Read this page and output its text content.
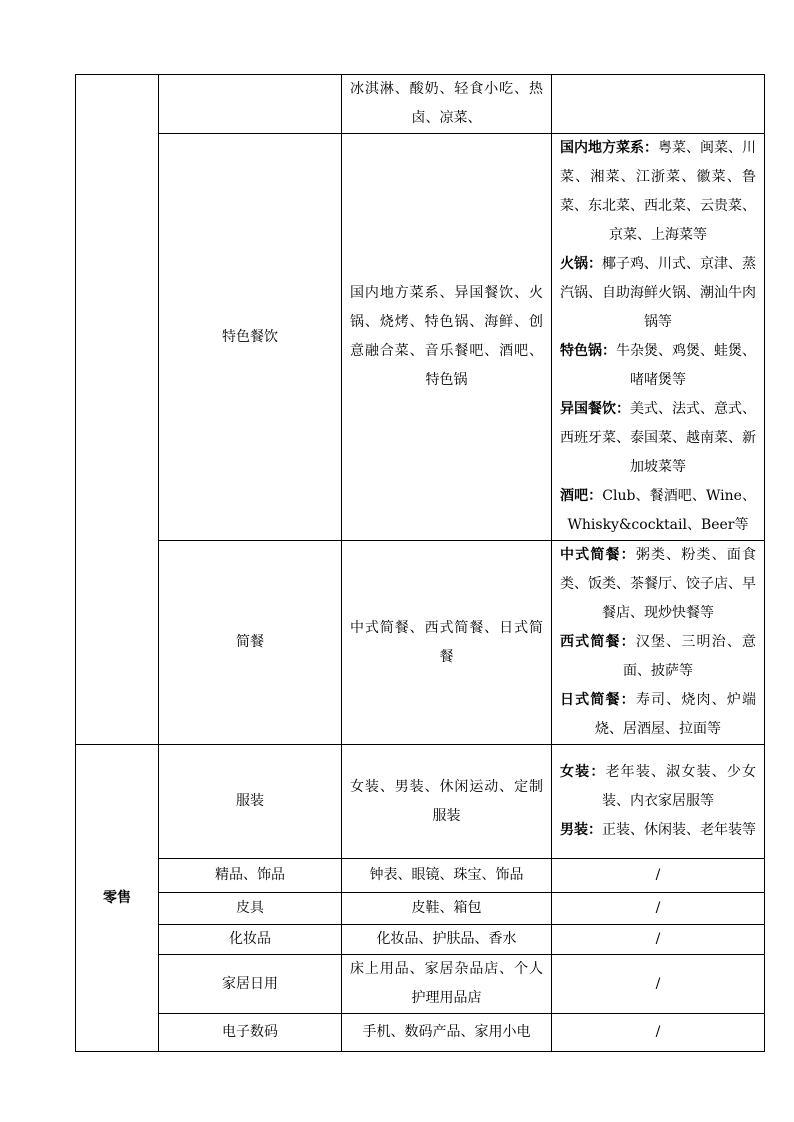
		冰淇淋、酸奶、轻食小吃、热卤、凉菜、	

	特色餐饮	国内地方菜系、异国餐饮、火锅、烧烤、特色锅、海鲜、创意融合菜、音乐餐吧、酒吧、特色锅	国内地方菜系：粤菜、闽菜、川菜、湘菜、江浙菜、徽菜、鲁菜、东北菜、西北菜、云贵菜、京菜、上海菜等
火锅：椰子鸡、川式、京津、蒸汽锅、自助海鲜火锅、潮汕牛肉锅等
特色锅：牛杂煲、鸡煲、蛙煲、啫啫煲等
异国餐饮：美式、法式、意式、西班牙菜、泰国菜、越南菜、新加坡菜等
酒吧：Club、餐酒吧、Wine、Whisky&cocktail、Beer等

	简餐	中式简餐、西式简餐、日式简餐	中式简餐：粥类、粉类、面食类、饭类、茶餐厅、饺子店、早餐店、现炒快餐等
西式简餐：汉堡、三明治、意面、披萨等
日式简餐：寿司、烧肉、炉端烧、居酒屋、拉面等

零售	服装	女装、男装、休闲运动、定制服装	女装：老年装、淑女装、少女装、内衣家居服等
男装：正装、休闲装、老年装等

	精品、饰品	钟表、眼镜、珠宝、饰品	/
	皮具	皮鞋、箱包	/
	化妆品	化妆品、护肤品、香水	/
	家居日用	床上用品、家居杂品店、个人护理用品店	/
	电子数码	手机、数码产品、家用小电	/
